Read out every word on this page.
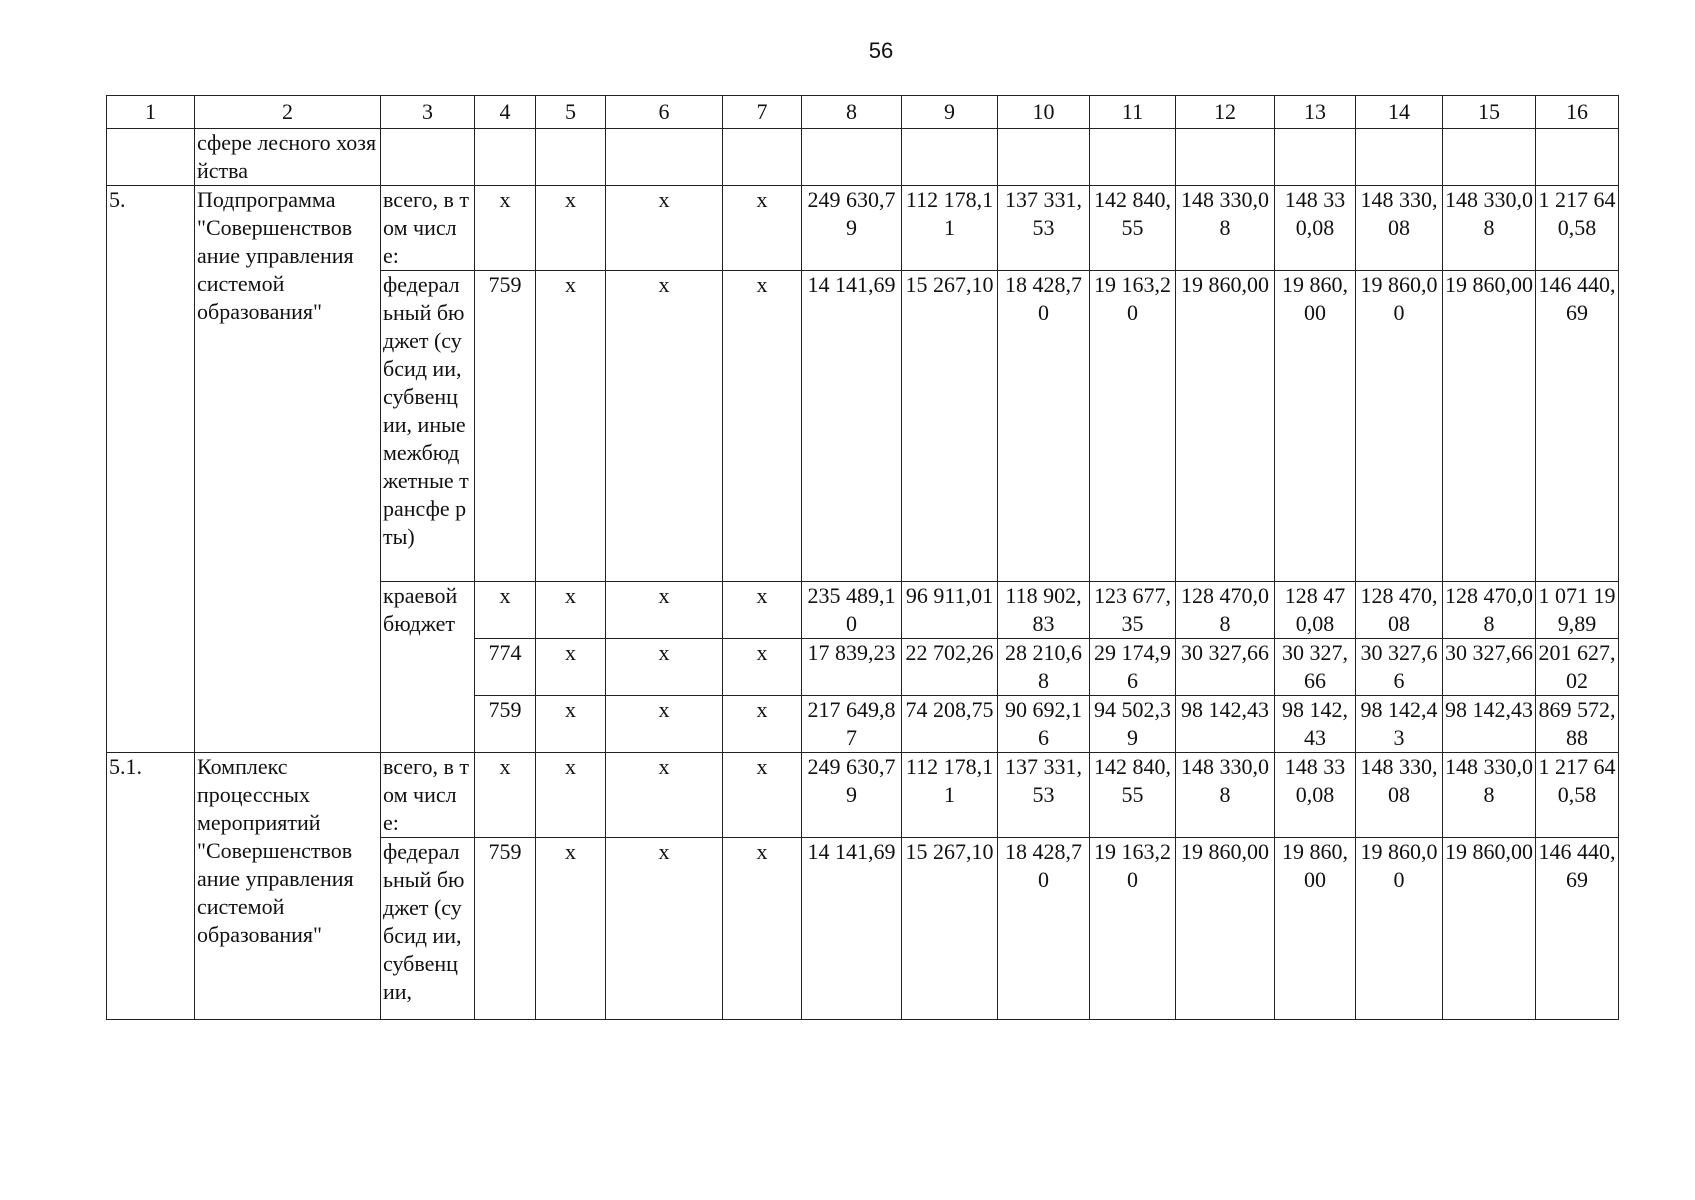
56
1	2	3	4	5	6	7	8	9	10	11	12	13	14	15	16
	сфере лесного хозяйства														
5.	Подпрограмма "Совершенствов ание управления системой образования"	всего, в том числе:	х	х	х	х	249 630,79	112 178,11	137 331,53	142 840,55	148 330,08	148 330,08	148 330,08	148 330,08	1 217 640,58
		федерал ьный бюджет (субсид ии, субвенц ии, иные межбюд жетные трансфе рты)	759	х	х	х	14 141,69	15 267,10	18 428,70	19 163,20	19 860,00	19 860,00	19 860,00	19 860,00	146 440,69
		краевой бюджет	х	х	х	х	235 489,10	96 911,01	118 902,83	123 677,35	128 470,08	128 470,08	128 470,08	128 470,08	1 071 199,89
			774	х	х	х	17 839,23	22 702,26	28 210,68	29 174,96	30 327,66	30 327,66	30 327,66	30 327,66	201 627,02
			759	х	х	х	217 649,87	74 208,75	90 692,16	94 502,39	98 142,43	98 142,43	98 142,43	98 142,43	869 572,88
5.1.	Комплекс процессных мероприятий "Совершенствов ание управления системой образования"	всего, в том числе:	х	х	х	х	249 630,79	112 178,11	137 331,53	142 840,55	148 330,08	148 330,08	148 330,08	148 330,08	1 217 640,58
		федерал ьный бюджет (субсид ии, субвенц ии,	759	х	х	х	14 141,69	15 267,10	18 428,70	19 163,20	19 860,00	19 860,00	19 860,00	19 860,00	146 440,69
